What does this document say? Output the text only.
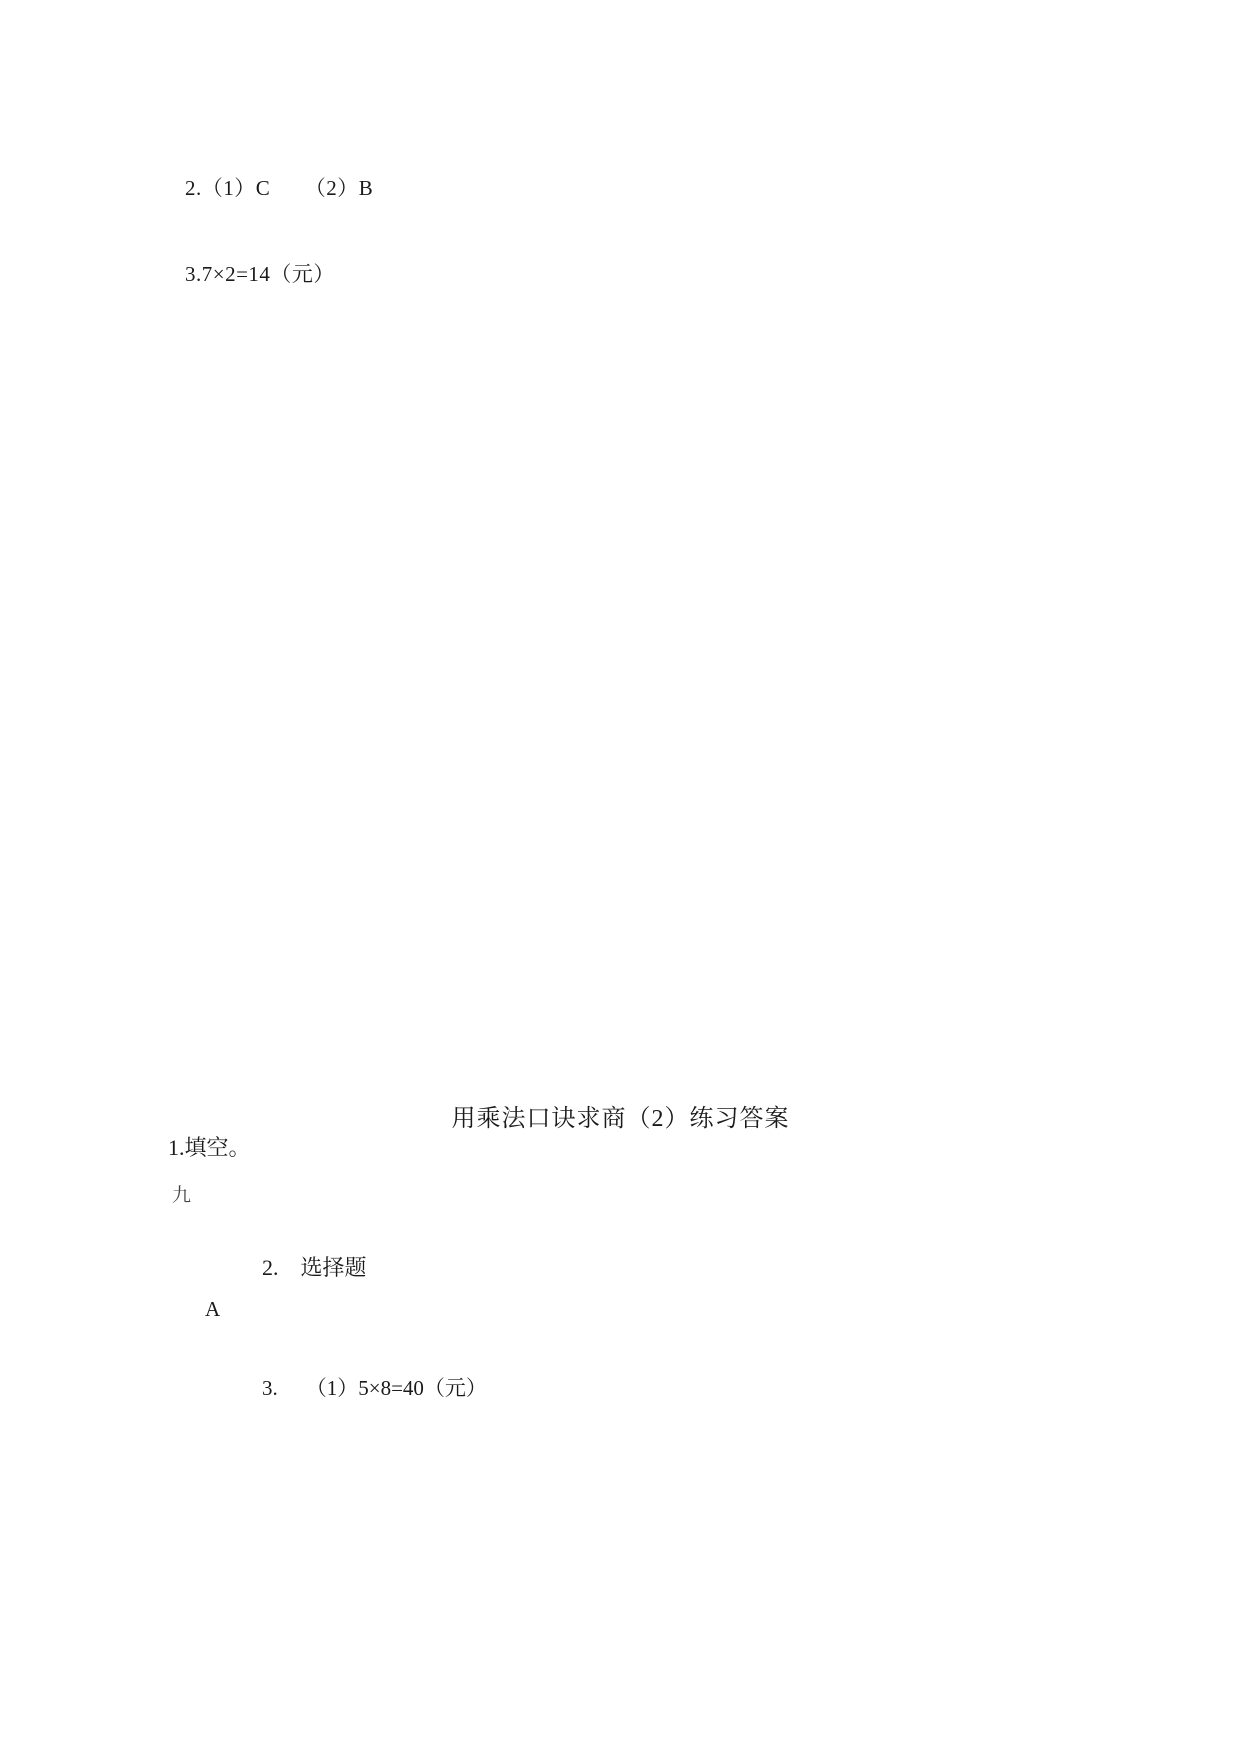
2.（1）C      （2）B
3.7×2=14（元）
用乘法口诀求商（2）练习答案
1.填空。
九
2. 选择题
A
3. （1）5×8=40（元）
